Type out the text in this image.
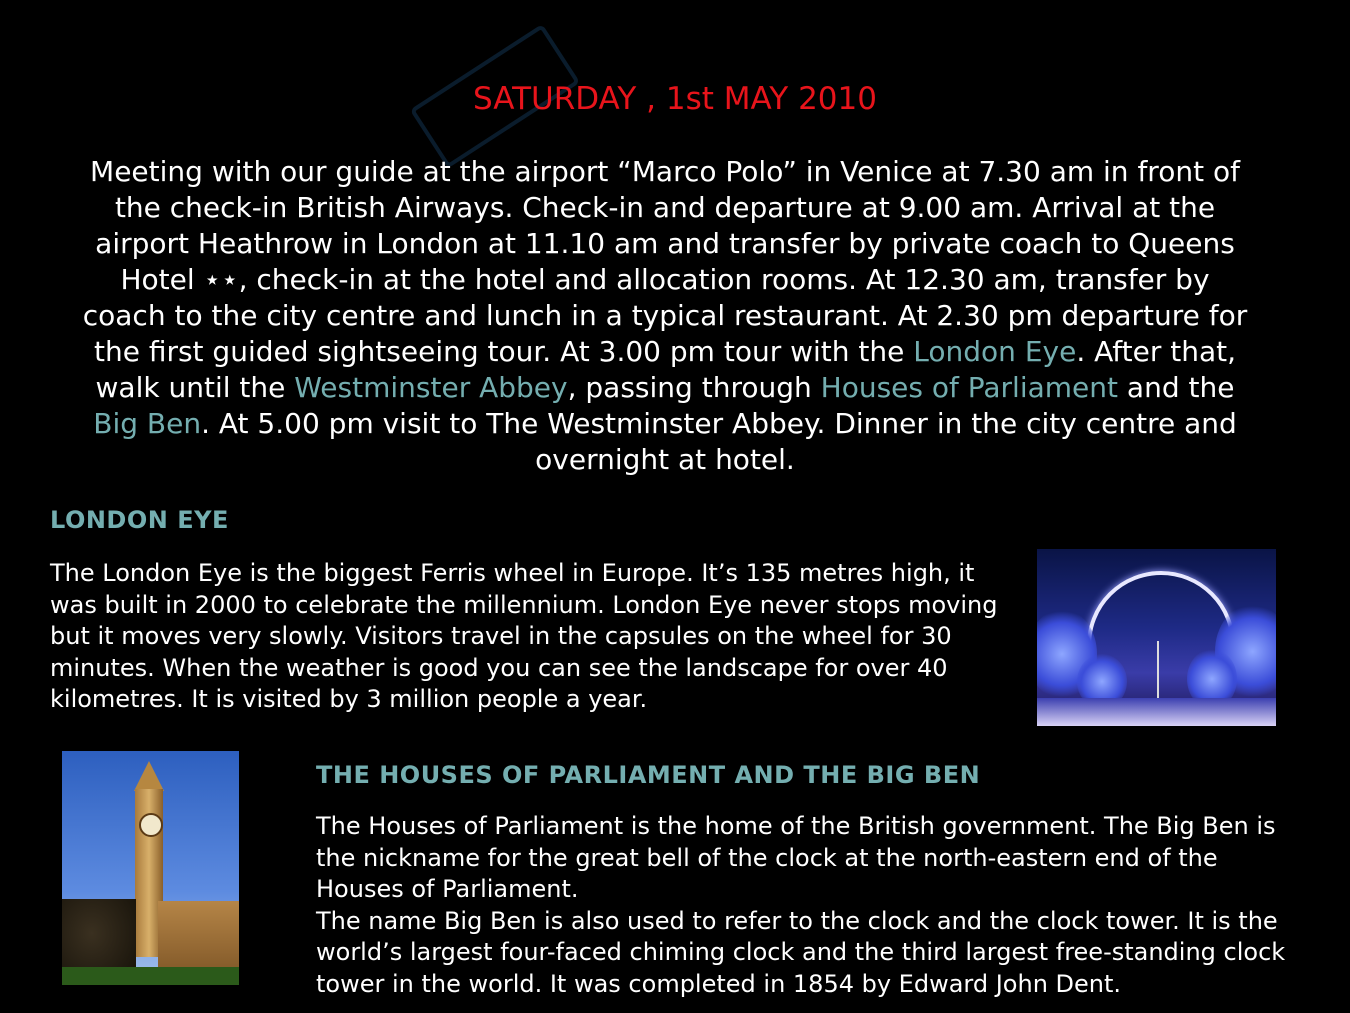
SATURDAY , 1st MAY 2010

Meeting with our guide at the airport “Marco Polo” in Venice at 7.30 am in front of the check-in British Airways. Check-in and departure at 9.00 am. Arrival at the airport Heathrow in London at 11.10 am and transfer by private coach to Queens Hotel ⋆⋆, check-in at the hotel and allocation rooms. At 12.30 am, transfer by coach to the city centre and lunch in a typical restaurant. At 2.30 pm departure for the first guided sightseeing tour. At 3.00 pm tour with the London Eye. After that, walk until the Westminster Abbey, passing through Houses of Parliament and the Big Ben. At 5.00 pm visit to The Westminster Abbey. Dinner in the city centre and overnight at hotel.

LONDON EYE

The London Eye is the biggest Ferris wheel in Europe. It’s 135 metres high, it was built in 2000 to celebrate the millennium. London Eye never stops moving but it moves very slowly. Visitors travel in the capsules on the wheel for 30 minutes. When the weather is good you can see the landscape for over 40 kilometres. It is visited by 3 million people a year.

THE HOUSES OF PARLIAMENT AND THE BIG BEN
The Houses of Parliament is the home of the British government. The Big Ben is the nickname for the great bell of the clock at the north-eastern end of the Houses of Parliament.
The name Big Ben is also used to refer to the clock and the clock tower. It is the world’s largest four-faced chiming clock and the third largest free-standing clock tower in the world. It was completed in 1854 by Edward John Dent.
